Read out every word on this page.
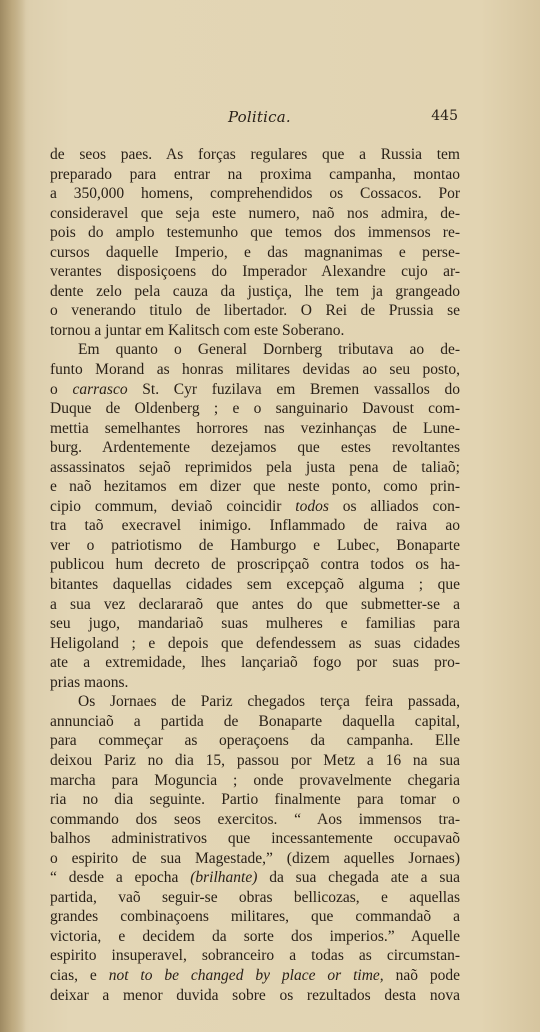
Politica.	445
de seos paes. As forças regulares que a Russia tem
preparado para entrar na proxima campanha, montao
a 350,000 homens, comprehendidos os Cossacos. Por
consideravel que seja este numero, naõ nos admira, de-
pois do amplo testemunho que temos dos immensos re-
cursos daquelle Imperio, e das magnanimas e perse-
verantes disposiçoens do Imperador Alexandre cujo ar-
dente zelo pela cauza da justiça, lhe tem ja grangeado
o venerando titulo de libertador. O Rei de Prussia se
tornou a juntar em Kalitsch com este Soberano.
Em quanto o General Dornberg tributava ao de-
funto Morand as honras militares devidas ao seu posto,
o carrasco St. Cyr fuzilava em Bremen vassallos do
Duque de Oldenberg ; e o sanguinario Davoust com-
mettia semelhantes horrores nas vezinhanças de Lune-
burg. Ardentemente dezejamos que estes revoltantes
assassinatos sejaõ reprimidos pela justa pena de taliaõ;
e naõ hezitamos em dizer que neste ponto, como prin-
cipio commum, deviaõ coincidir todos os alliados con-
tra taõ execravel inimigo. Inflammado de raiva ao
ver o patriotismo de Hamburgo e Lubec, Bonaparte
publicou hum decreto de proscripçaõ contra todos os ha-
bitantes daquellas cidades sem excepçaõ alguma ; que
a sua vez declararaõ que antes do que submetter-se a
seu jugo, mandariaõ suas mulheres e familias para
Heligoland ; e depois que defendessem as suas cidades
ate a extremidade, lhes lançariaõ fogo por suas pro-
prias maons.
Os Jornaes de Pariz chegados terça feira passada,
annunciaõ a partida de Bonaparte daquella capital,
para commeçar as operaçoens da campanha. Elle
deixou Pariz no dia 15, passou por Metz a 16 na sua
marcha para Moguncia ; onde provavelmente chegaria
ria no dia seguinte. Partio finalmente para tomar o
commando dos seos exercitos. “ Aos immensos tra-
balhos administrativos que incessantemente occupavaõ
o espirito de sua Magestade,” (dizem aquelles Jornaes)
“ desde a epocha (brilhante) da sua chegada ate a sua
partida, vaõ seguir-se obras bellicozas, e aquellas
grandes combinaçoens militares, que commandaõ a
victoria, e decidem da sorte dos imperios.” Aquelle
espirito insuperavel, sobranceiro a todas as circumstan-
cias, e not to be changed by place or time, naõ pode
deixar a menor duvida sobre os rezultados desta nova
